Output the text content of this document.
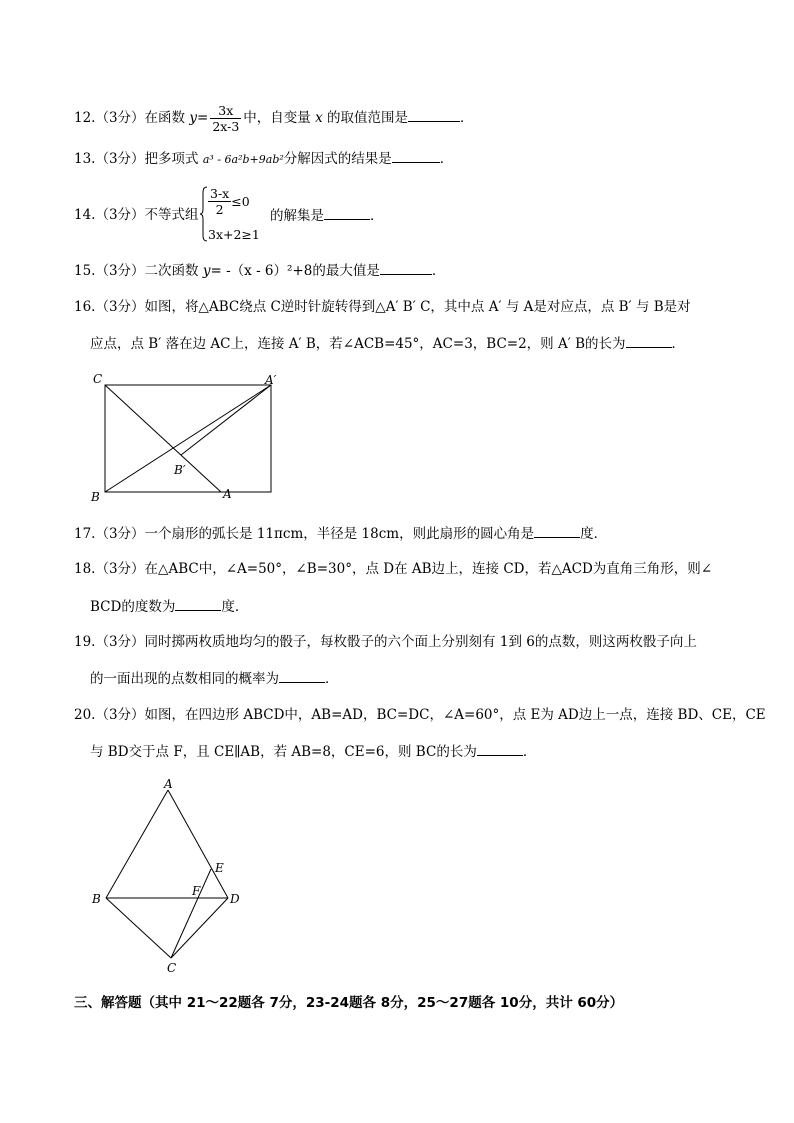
12.（3分）在函数 $y= \frac{3x}{2x-3}$ 中，自变量 x 的取值范围是	．
13.（3分）把多项式 a³ - 6a²b+9ab²分解因式的结果是	．
14.（3分）不等式组 $\frac{3-x}{2} \le 0$
3x+2≥1
的解集是	．
15.（3分）二次函数 y= -（x - 6）²+8的最大值是	．
16.（3分）如图，将△ABC绕点 C逆时针旋转得到△A′ B′ C，其中点 A′ 与 A是对应点，点 B′ 与 B是对
应点，点 B′ 落在边 AC上，连接 A′ B，若∠ACB=45°，AC=3，BC=2，则 A′ B的长为	．
C	A′
B′
B	A
17.（3分）一个扇形的弧长是 11πcm，半径是 18cm，则此扇形的圆心角是	度．
18.（3分）在△ABC中，∠A=50°，∠B=30°，点 D在 AB边上，连接 CD，若△ACD为直角三角形，则∠
BCD的度数为	度．
19.（3分）同时掷两枚质地均匀的骰子，每枚骰子的六个面上分别刻有 1到 6的点数，则这两枚骰子向上
的一面出现的点数相同的概率为	．
20.（3分）如图，在四边形 ABCD中，AB=AD，BC=DC，∠A=60°，点 E为 AD边上一点，连接 BD、CE，CE
与 BD交于点 F，且 CE∥AB，若 AB=8，CE=6，则 BC的长为	．
A
E
F
B	D
C
三、解答题（其中 21～22题各 7分，23-24题各 8分，25～27题各 10分，共计 60分）
